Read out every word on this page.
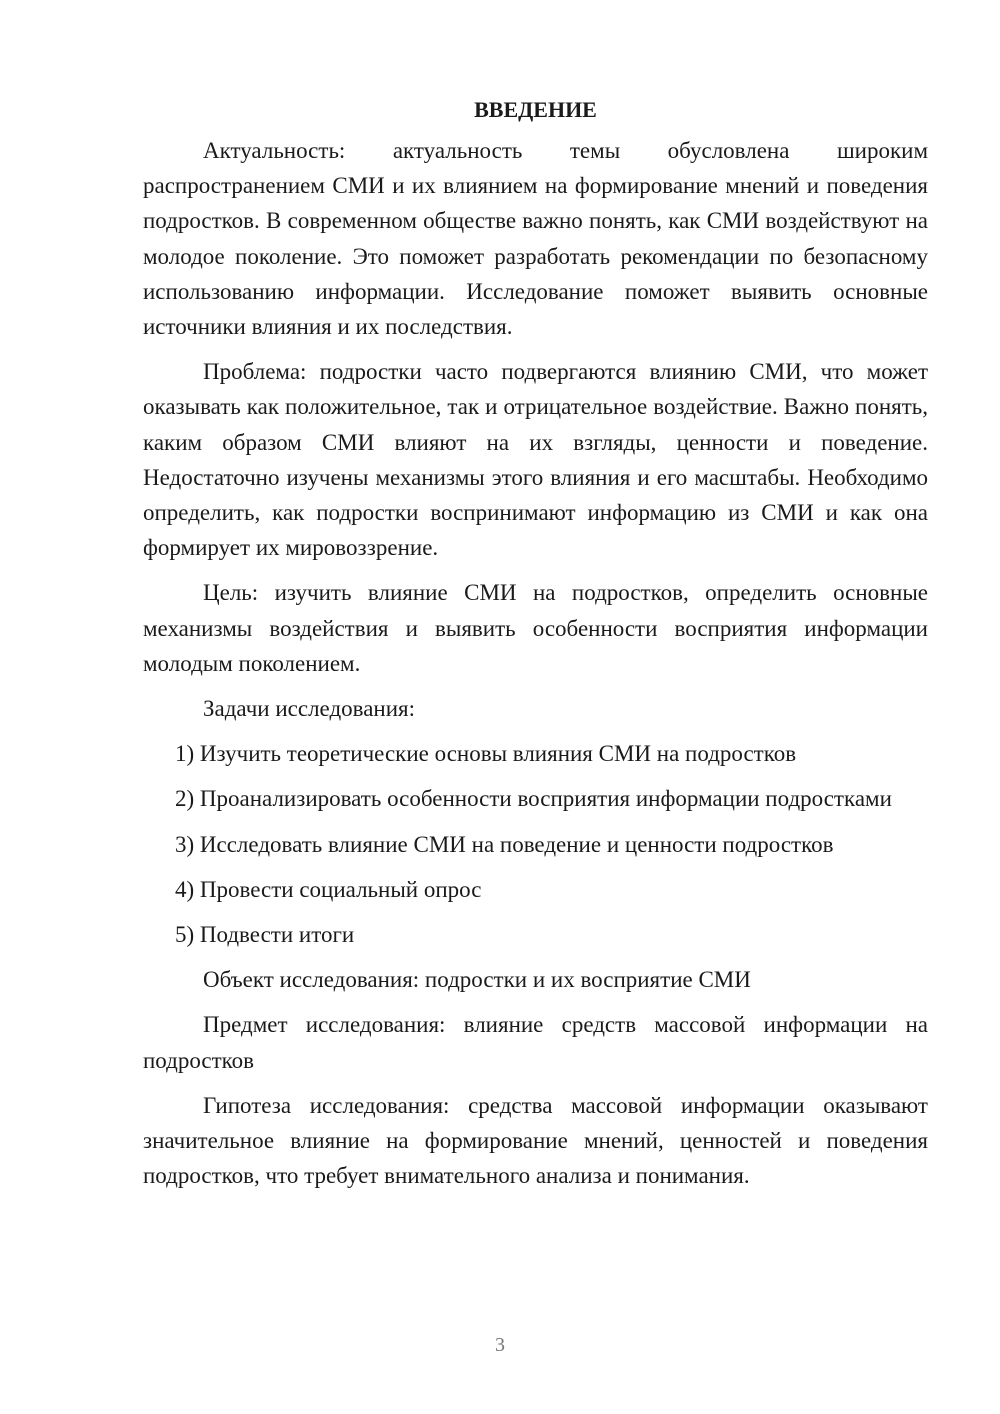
ВВЕДЕНИЕ

Актуальность: актуальность темы обусловлена широким распространением СМИ и их влиянием на формирование мнений и поведения подростков. В современном обществе важно понять, как СМИ воздействуют на молодое поколение. Это поможет разработать рекомендации по безопасному использованию информации. Исследование поможет выявить основные источники влияния и их последствия.

Проблема: подростки часто подвергаются влиянию СМИ, что может оказывать как положительное, так и отрицательное воздействие. Важно понять, каким образом СМИ влияют на их взгляды, ценности и поведение. Недостаточно изучены механизмы этого влияния и его масштабы. Необходимо определить, как подростки воспринимают информацию из СМИ и как она формирует их мировоззрение.

Цель: изучить влияние СМИ на подростков, определить основные механизмы воздействия и выявить особенности восприятия информации молодым поколением.

Задачи исследования:

1) Изучить теоретические основы влияния СМИ на подростков

2) Проанализировать особенности восприятия информации подростками

3) Исследовать влияние СМИ на поведение и ценности подростков

4) Провести социальный опрос

5) Подвести итоги

Объект исследования: подростки и их восприятие СМИ

Предмет исследования: влияние средств массовой информации на подростков

Гипотеза исследования: средства массовой информации оказывают значительное влияние на формирование мнений, ценностей и поведения подростков, что требует внимательного анализа и понимания.

3
